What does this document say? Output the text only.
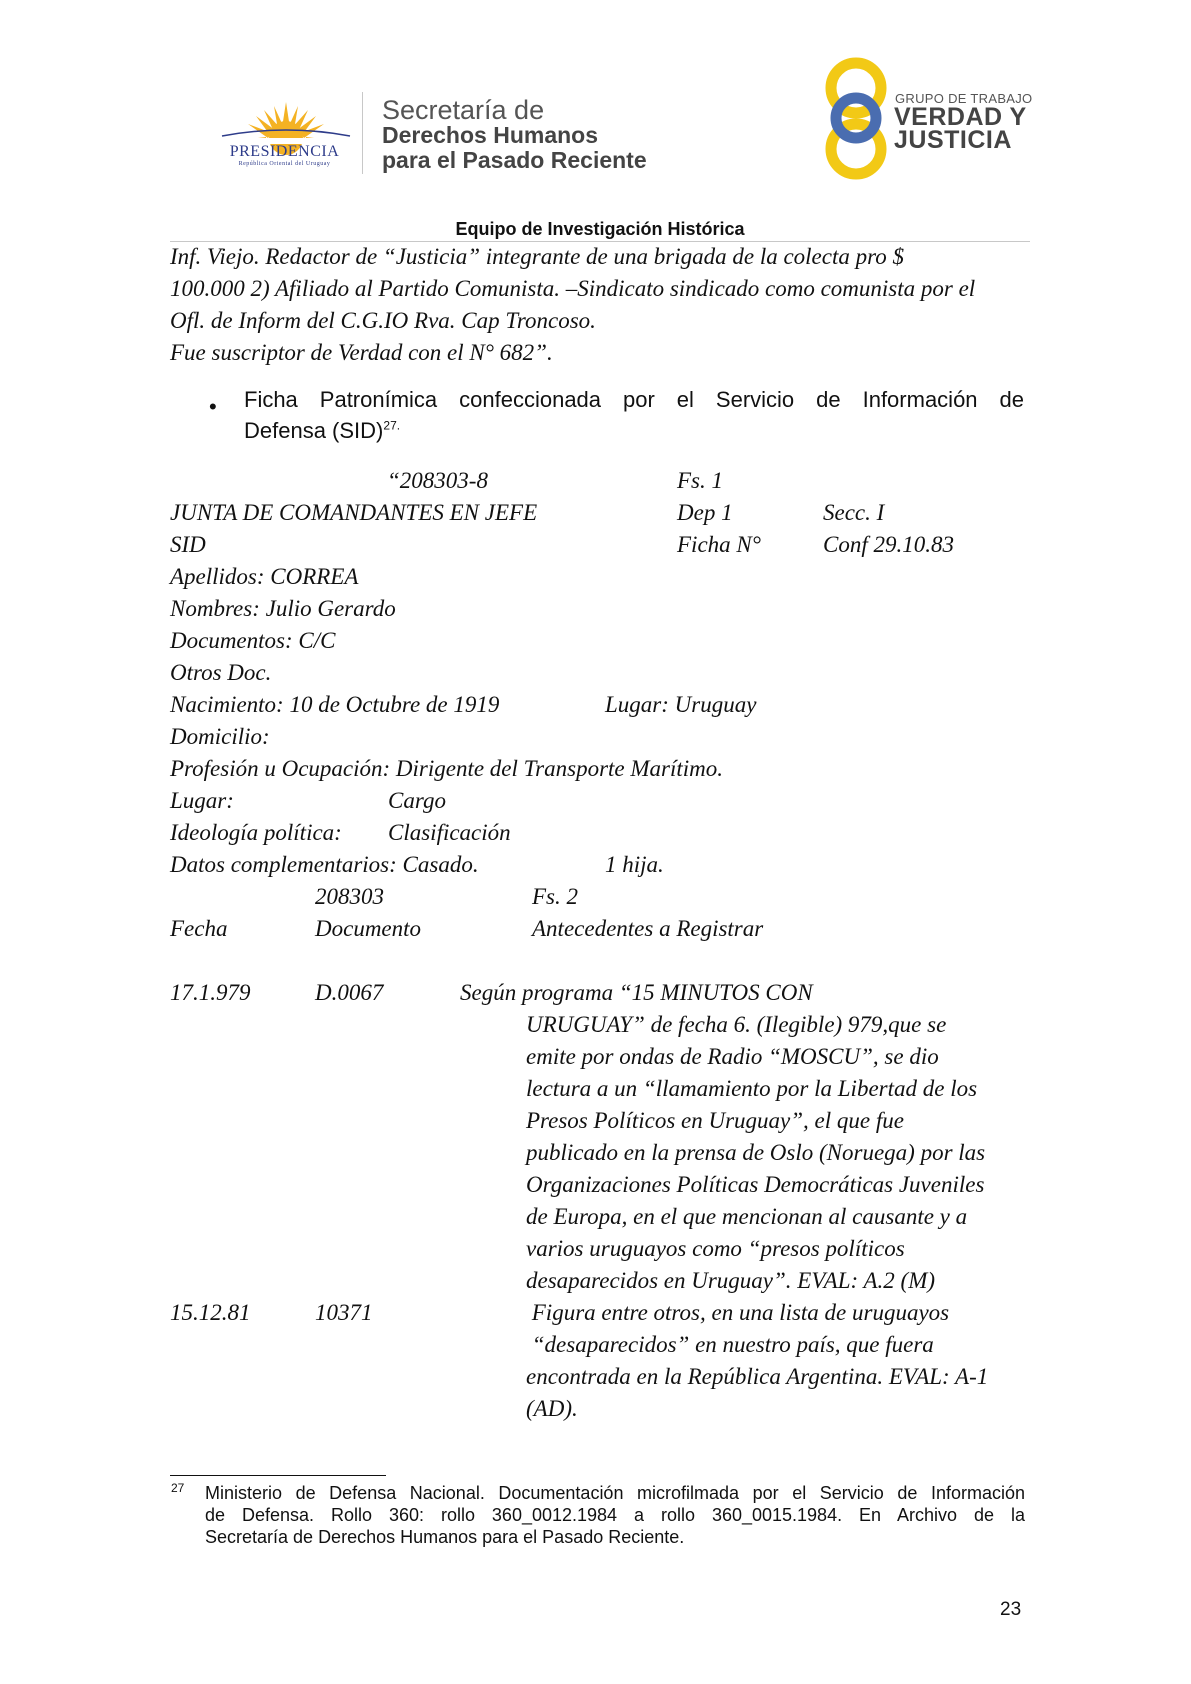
PRESIDENCIA
República Oriental del Uruguay
Secretaría de
Derechos Humanos
para el Pasado Reciente
GRUPO DE TRABAJO
VERDAD Y
JUSTICIA
Equipo de Investigación Histórica
Inf. Viejo. Redactor de “Justicia” integrante de una brigada de la colecta pro $
100.000 2) Afiliado al Partido Comunista. –Sindicato sindicado como comunista por el
Ofl. de Inform del C.G.IO Rva. Cap Troncoso.
Fue suscriptor de Verdad con el N° 682”.
• Ficha Patronímica confeccionada por el Servicio de Información de
Defensa (SID)$^{27.}$
“208303-8	Fs. 1
JUNTA DE COMANDANTES EN JEFE	Dep 1	Secc. I
SID	Ficha N°	Conf 29.10.83
Apellidos: CORREA
Nombres: Julio Gerardo
Documentos: C/C
Otros Doc.
Nacimiento: 10 de Octubre de 1919	Lugar: Uruguay
Domicilio:
Profesión u Ocupación: Dirigente del Transporte Marítimo.
Lugar:	Cargo
Ideología política: Clasificación
Datos complementarios: Casado.	1 hija.
208303	Fs. 2
Fecha	Documento	Antecedentes a Registrar
17.1.979	D.0067	Según programa “15 MINUTOS CON
URUGUAY” de fecha 6. (Ilegible) 979,que se
emite por ondas de Radio “MOSCU”, se dio
lectura a un “llamamiento por la Libertad de los
Presos Políticos en Uruguay”, el que fue
publicado en la prensa de Oslo (Noruega) por las
Organizaciones Políticas Democráticas Juveniles
de Europa, en el que mencionan al causante y a
varios uruguayos como “presos políticos
desaparecidos en Uruguay”. EVAL: A.2 (M)
15.12.81	10371	Figura entre otros, en una lista de uruguayos
“desaparecidos” en nuestro país, que fuera
encontrada en la República Argentina. EVAL: A-1
(AD).
27 Ministerio de Defensa Nacional. Documentación microfilmada por el Servicio de Información
de Defensa. Rollo 360: rollo 360_0012.1984 a rollo 360_0015.1984. En Archivo de la
Secretaría de Derechos Humanos para el Pasado Reciente.
23
